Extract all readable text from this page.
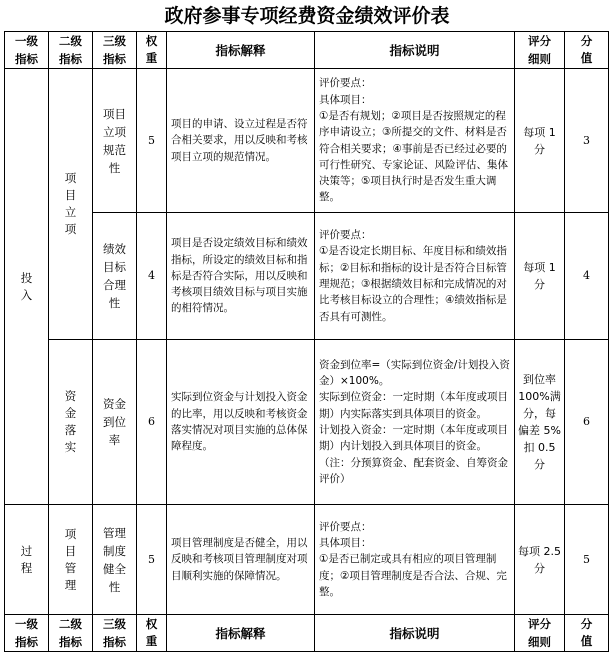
政府参事专项经费资金绩效评价表
一级指标	二级指标	三级指标	权重	指标解释	指标说明	评分细则	分值
投入	项目立项	项目立项规范性	5	项目的申请、设立过程是否符合相关要求，用以反映和考核项目立项的规范情况。	评价要点：
具体项目：
①是否有规划；②项目是否按照规定的程序申请设立；③所提交的文件、材料是否符合相关要求；④事前是否已经过必要的可行性研究、专家论证、风险评估、集体决策等；⑤项目执行时是否发生重大调整。	每项 1 分	3
		绩效目标合理性	4	项目是否设定绩效目标和绩效指标，所设定的绩效目标和指标是否符合实际，用以反映和考核项目绩效目标与项目实施的相符情况。	评价要点：
①是否设定长期目标、年度目标和绩效指标；②目标和指标的设计是否符合目标管理规范；③根据绩效目标和完成情况的对比考核目标设立的合理性；④绩效指标是否具有可测性。	每项 1 分	4
	资金落实	资金到位率	6	实际到位资金与计划投入资金的比率，用以反映和考核资金落实情况对项目实施的总体保障程度。	资金到位率=（实际到位资金/计划投入资金）×100%。
实际到位资金：一定时期（本年度或项目期）内实际落实到具体项目的资金。
计划投入资金：一定时期（本年度或项目期）内计划投入到具体项目的资金。（注：分预算资金、配套资金、自筹资金评价）	到位率 100%满分，每偏差 5%扣 0.5 分	6
过程	项目管理	管理制度健全性	5	项目管理制度是否健全，用以反映和考核项目管理制度对项目顺利实施的保障情况。	评价要点：
具体项目：
①是否已制定或具有相应的项目管理制度；②项目管理制度是否合法、合规、完整。	每项 2.5 分	5
一级指标	二级指标	三级指标	权重	指标解释	指标说明	评分细则	分值
